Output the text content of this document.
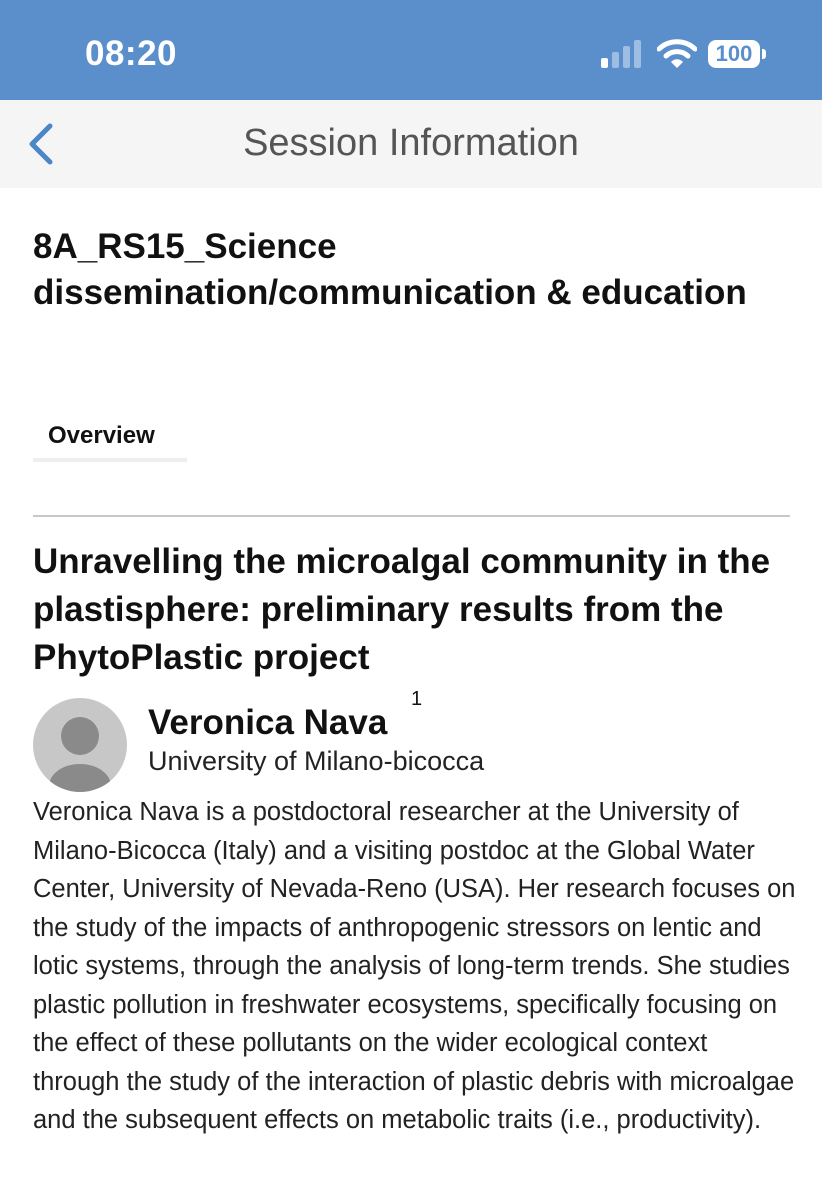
08:20	100
Session Information
8A_RS15_Science dissemination/communication & education
Overview
Unravelling the microalgal community in the plastisphere: preliminary results from the PhytoPlastic project
Veronica Nava
1
University of Milano-bicocca
Veronica Nava is a postdoctoral researcher at the University of Milano-Bicocca (Italy) and a visiting postdoc at the Global Water Center, University of Nevada-Reno (USA). Her research focuses on the study of the impacts of anthropogenic stressors on lentic and lotic systems, through the analysis of long-term trends. She studies plastic pollution in freshwater ecosystems, specifically focusing on the effect of these pollutants on the wider ecological context through the study of the interaction of plastic debris with microalgae and the subsequent effects on metabolic traits (i.e., productivity).
